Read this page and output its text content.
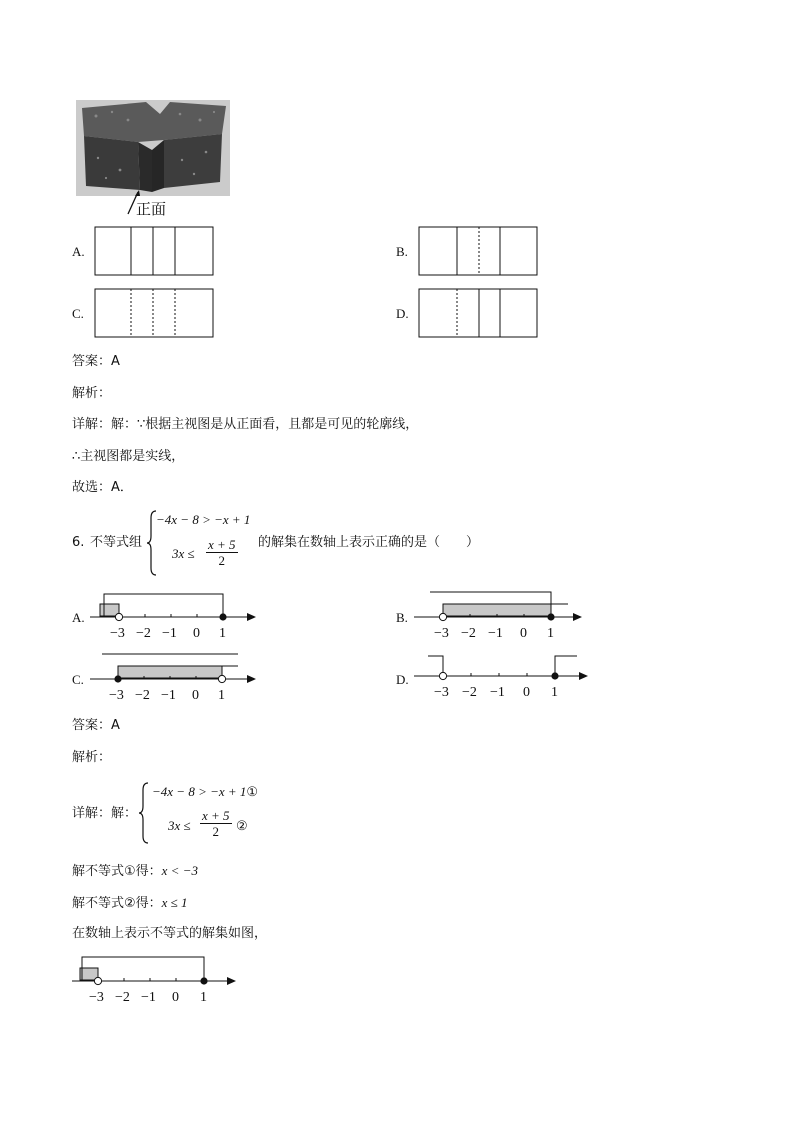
正面
A.	B.
C.	D.
答案：A
解析：
详解：解：∵根据主视图是从正面看，且都是可见的轮廓线，
∴主视图都是实线，
故选：A．
6. 不等式组
−4x − 8 > −x + 1
$3x \le \frac{x + 5}{2}$ 的解集在数轴上表示正确的是（　　）
A.
−3 −2 −1 0 1
B.
−3 −2 −1 0 1
C.
−3 −2 −1 0 1
D.
−3 −2 −1 0 1
答案：A
解析：
详解：解：
−4x − 8 > −x + 1①
$3x \le \frac{x + 5}{2}$ ②
解不等式①得：x < −3
解不等式②得：x ≤ 1
在数轴上表示不等式的解集如图，
−3 −2 −1 0 1
